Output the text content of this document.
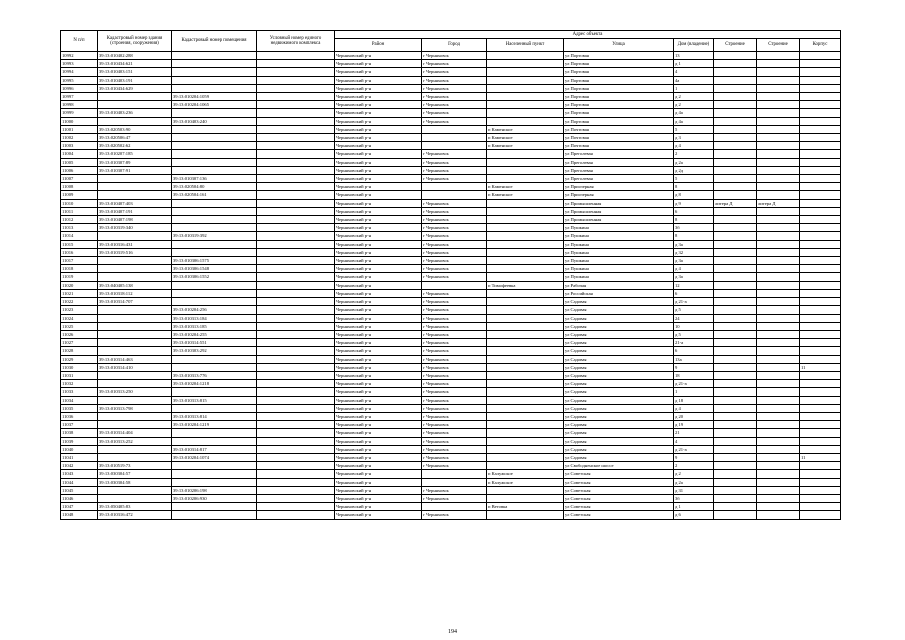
N п/п	Кадастровый номер здания (строения, сооружения)	Кадастровый номер помещения	Условный номер единого недвижимого комплекса	Адрес объекта							
				Район	Город	Населенный пункт	Улица	Дом (владение)	Строение	Строение	Корпус
10992	39:13:010402:288			Черняховский р-н	г Черняховск		ул Портовая	13			
10993	39:13:010434:621			Черняховский р-н	г Черняховск		ул Портовая	д 1			
10994	39:13:010403:151			Черняховский р-н	г Черняховск		ул Портовая	4			
10995	39:13:010403:191			Черняховский р-н	г Черняховск		ул Портовая	4а			
10996	39:13:010434:629			Черняховский р-н	г Черняховск		ул Портовая	1			
10997		39:13:010204:1059		Черняховский р-н	г Черняховск		ул Портовая	д 2			
10998		39:13:010204:1065		Черняховский р-н	г Черняховск		ул Портовая	д 2			
10999	39:13:010403:236			Черняховский р-н	г Черняховск		ул Портовая	д 4а			
11000		39:13:010403:240		Черняховский р-н	г Черняховск		ул Портовая	д 4а			
11001	39:13:020503:90			Черняховский р-н		п Каменское	ул Почтовая	5			
11002	39:13:020506:47			Черняховский р-н		п Каменское	ул Почтовая	д 3			
11003	39:13:020502:62			Черняховский р-н		п Каменское	ул Почтовая	д 4			
11004	39:13:010207:185			Черняховский р-н	г Черняховск		ул Преголевая	2			
11005	39:13:010307:89			Черняховский р-н	г Черняховск		ул Преголевая	д 2а			
11006	39:13:010307:91			Черняховский р-н	г Черняховск		ул Преголевая	д 2д			
11007		39:13:010307:136		Черняховский р-н	г Черняховск		ул Преголевая	5			
11008		39:13:020504:80		Черняховский р-н		п Каменское	ул Приозерная	8			
11009		39:13:020504:161		Черняховский р-н		п Каменское	ул Приозерная	д 8			
11010	39:13:010407:403			Черняховский р-н	г Черняховск		ул Промышленная	д 9	литера Д	литера Д	
11011	39:13:010407:191			Черняховский р-н	г Черняховск		ул Промышленная	6			
11012	39:13:010407:198			Черняховский р-н	г Черняховск		ул Промышленная	8			
11013	39:13:010319:340			Черняховский р-н	г Черняховск		ул Пушкина	3б			
11014		39:13:010319:392		Черняховский р-н	г Черняховск		ул Пушкина	8			
11015	39:13:010316:431			Черняховский р-н	г Черняховск		ул Пушкина	д 3а			
11016	39:13:010319:516			Черняховский р-н	г Черняховск		ул Пушкина	д 32			
11017		39:13:010306:1575		Черняховский р-н	г Черняховск		ул Пушкина	д 3а			
11018		39:13:010306:1548		Черняховский р-н	г Черняховск		ул Пушкина	д 4			
11019		39:13:010306:1552		Черняховский р-н	г Черняховск		ул Пушкина	д 3а			
11020	39:13:040405:138			Черняховский р-н		п Тимофеевка	ул Рабочая	12			
11021	39:13:010318:112			Черняховский р-н	г Черняховск		ул Российская	6			
11022	39:13:010314:707			Черняховский р-н	г Черняховск		ул Садовая	д 21-а			
11023		39:13:010204:256		Черняховский р-н	г Черняховск		ул Садовая	д 5			
11024		39:13:010313:184		Черняховский р-н	г Черняховск		ул Садовая	24			
11025		39:13:010313:185		Черняховский р-н	г Черняховск		ул Садовая	10			
11026		39:13:010204:255		Черняховский р-н	г Черняховск		ул Садовая	д 5			
11027		39:13:010314:551		Черняховский р-н	г Черняховск		ул Садовая	21-а			
11028		39:13:010303:292		Черняховский р-н	г Черняховск		ул Садовая	6			
11029	39:13:010314:463			Черняховский р-н	г Черняховск		ул Садовая	13а			
11030	39:13:010314:410			Черняховский р-н	г Черняховск		ул Садовая	9			11
11031		39:13:010313:776		Черняховский р-н	г Черняховск		ул Садовая	18			
11032		39:13:010204:1218		Черняховский р-н	г Черняховск		ул Садовая	д 21-а			
11033	39:13:010313:250			Черняховский р-н	г Черняховск		ул Садовая	1			
11034		39:13:010313:815		Черняховский р-н	г Черняховск		ул Садовая	д 18			
11035	39:13:010313:798			Черняховский р-н	г Черняховск		ул Садовая	д 4			
11036		39:13:010313:814		Черняховский р-н	г Черняховск		ул Садовая	д 20			
11037		39:13:010204:1219		Черняховский р-н	г Черняховск		ул Садовая	д 19			
11038	39:13:010314:404			Черняховский р-н	г Черняховск		ул Садовая	21			
11039	39:13:010313:252			Черняховский р-н	г Черняховск		ул Садовая	4			
11040		39:13:010314:817		Черняховский р-н	г Черняховск		ул Садовая	д 21-а			
11041		39:13:010204:1074		Черняховский р-н	г Черняховск		ул Садовая	9			11
11042	39:13:010519:73			Черняховский р-н	г Черняховск		ул Свободненское шоссе	2			
11043	39:13:030304:57			Черняховский р-н		п Калужское	ул Советская	д 2			
11044	39:13:030304:58			Черняховский р-н		п Калужское	ул Советская	д 2а			
11045		39:13:010206:198		Черняховский р-н	г Черняховск		ул Советская	д 31			
11046		39:13:010206:930		Черняховский р-н	г Черняховск		ул Советская	3б			
11047	39:13:050405:83			Черняховский р-н		п Ветовка	ул Советская	д 1			
11048	39:13:010316:472			Черняховский р-н	г Черняховск		ул Советская	д 6			
194
